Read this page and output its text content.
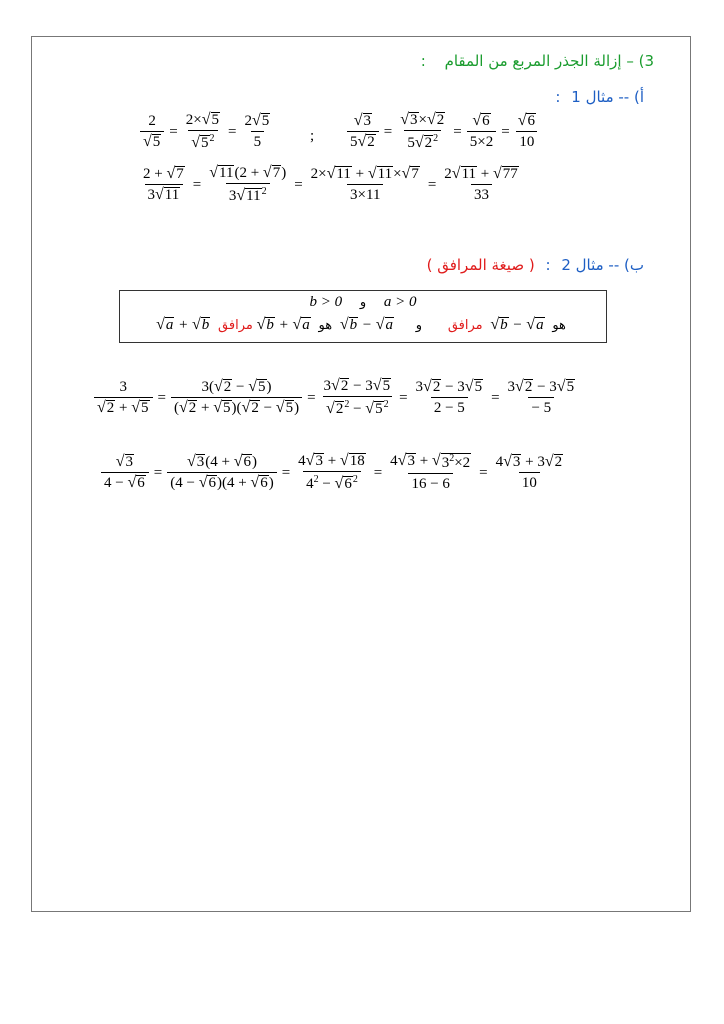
3) – إزالة الجذر المربع من المقام :
أ) -- مثال 1 :
$\frac{2}{√ 5} = \frac{2\times √ 5}{√ 5 ^2} = \frac{2 √ 5}{5}$ ; $\frac{√ 3}{5 √ 2} = \frac{√ 3 \times √ 2}{5 √ 2 ^2} = \frac{√ 6}{5\times 2} = \frac{√ 6}{10}$
$\frac{2 + √ 7}{3 √ 11} = \frac{√ 11 (2 + √ 7 )}{3 √ 11 ^2} = \frac{2\times √ 11 + √ 11 \times √ 7}{3\times 11} = \frac{2 √ 11 + √ 77}{33}$
ب) -- مثال 2 : ( صيغة المرافق )
b > 0 و a > 0
√ a + √ b	هو
√ a
−
√ b
مرافق و
√ a
−
√ b
هو
√ a
+
√ b
مرافق
$\frac{3}{√ 2 + √ 5} = \frac{3( √ 2 - √ 5 )}{( √ 2 + √ 5 )( √ 2 - √ 5 )} = \frac{3 √ 2 - 3 √ 5}{√ 2 ^2 - √ 5 ^2} = \frac{3 √ 2 - 3 √ 5}{2 - 5} = \frac{3 √ 2 - 3 √ 5}{- 5}$
$\frac{√ 3}{4 - √ 6} = \frac{√ 3 (4 + √ 6 )}{(4 - √ 6 )(4 + √ 6 )} = \frac{4 √ 3 + √ 18}{4^2 - √ 6 ^2} = \frac{4 √ 3 + √ 3^2\times 2}{16 - 6} = \frac{4 √ 3 + 3 √ 2}{10}$
